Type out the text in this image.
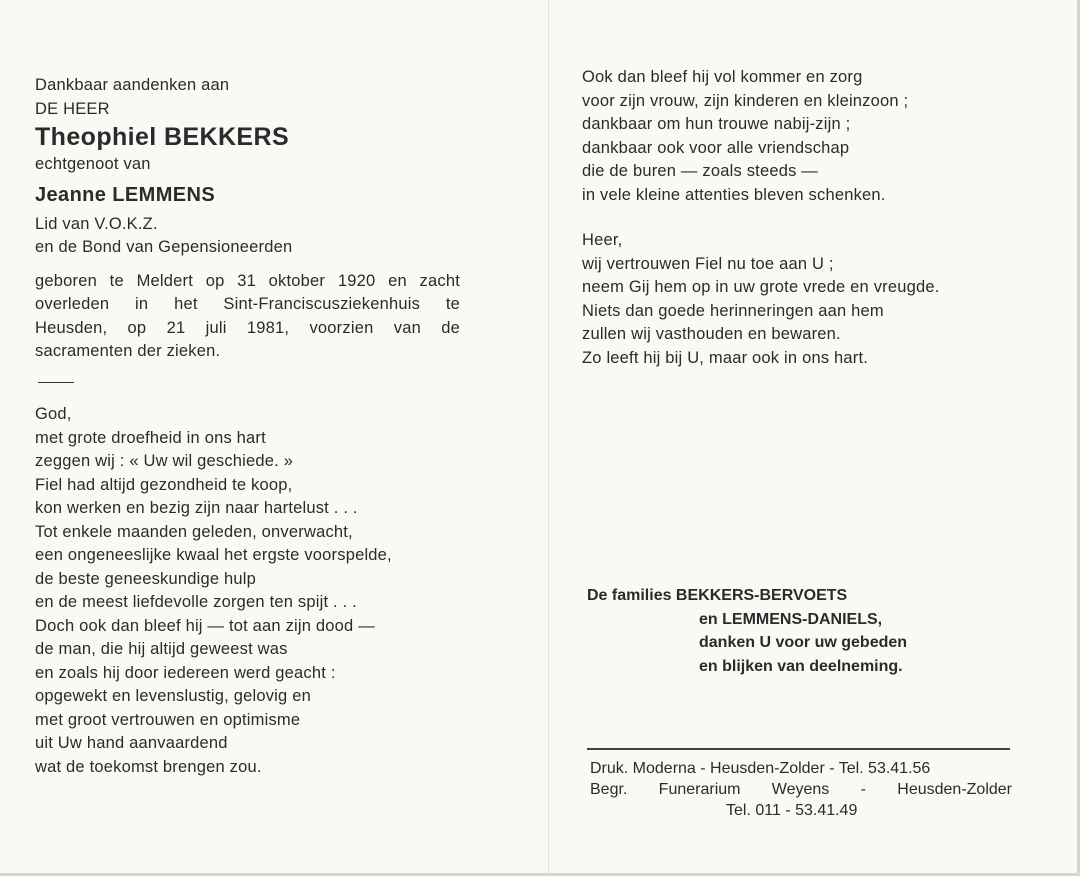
Dankbaar aandenken aan
DE HEER
Theophiel BEKKERS
echtgenoot van
Jeanne LEMMENS
Lid van V.O.K.Z.
en de Bond van Gepensioneerden
geboren te Meldert op 31 oktober 1920 en zacht
overleden in het Sint-Franciscusziekenhuis te
Heusden, op 21 juli 1981, voorzien van de
sacramenten der zieken.
God,
met grote droefheid in ons hart
zeggen wij : « Uw wil geschiede. »
Fiel had altijd gezondheid te koop,
kon werken en bezig zijn naar hartelust . . .
Tot enkele maanden geleden, onverwacht,
een ongeneeslijke kwaal het ergste voorspelde,
de beste geneeskundige hulp
en de meest liefdevolle zorgen ten spijt . . .
Doch ook dan bleef hij — tot aan zijn dood —
de man, die hij altijd geweest was
en zoals hij door iedereen werd geacht :
opgewekt en levenslustig, gelovig en
met groot vertrouwen en optimisme
uit Uw hand aanvaardend
wat de toekomst brengen zou.
Ook dan bleef hij vol kommer en zorg
voor zijn vrouw, zijn kinderen en kleinzoon ;
dankbaar om hun trouwe nabij-zijn ;
dankbaar ook voor alle vriendschap
die de buren — zoals steeds —
in vele kleine attenties bleven schenken.
Heer,
wij vertrouwen Fiel nu toe aan U ;
neem Gij hem op in uw grote vrede en vreugde.
Niets dan goede herinneringen aan hem
zullen wij vasthouden en bewaren.
Zo leeft hij bij U, maar ook in ons hart.
De families BEKKERS-BERVOETS
en LEMMENS-DANIELS,
danken U voor uw gebeden
en blijken van deelneming.
Druk. Moderna - Heusden-Zolder - Tel. 53.41.56
Begr. Funerarium Weyens - Heusden-Zolder
Tel. 011 - 53.41.49
